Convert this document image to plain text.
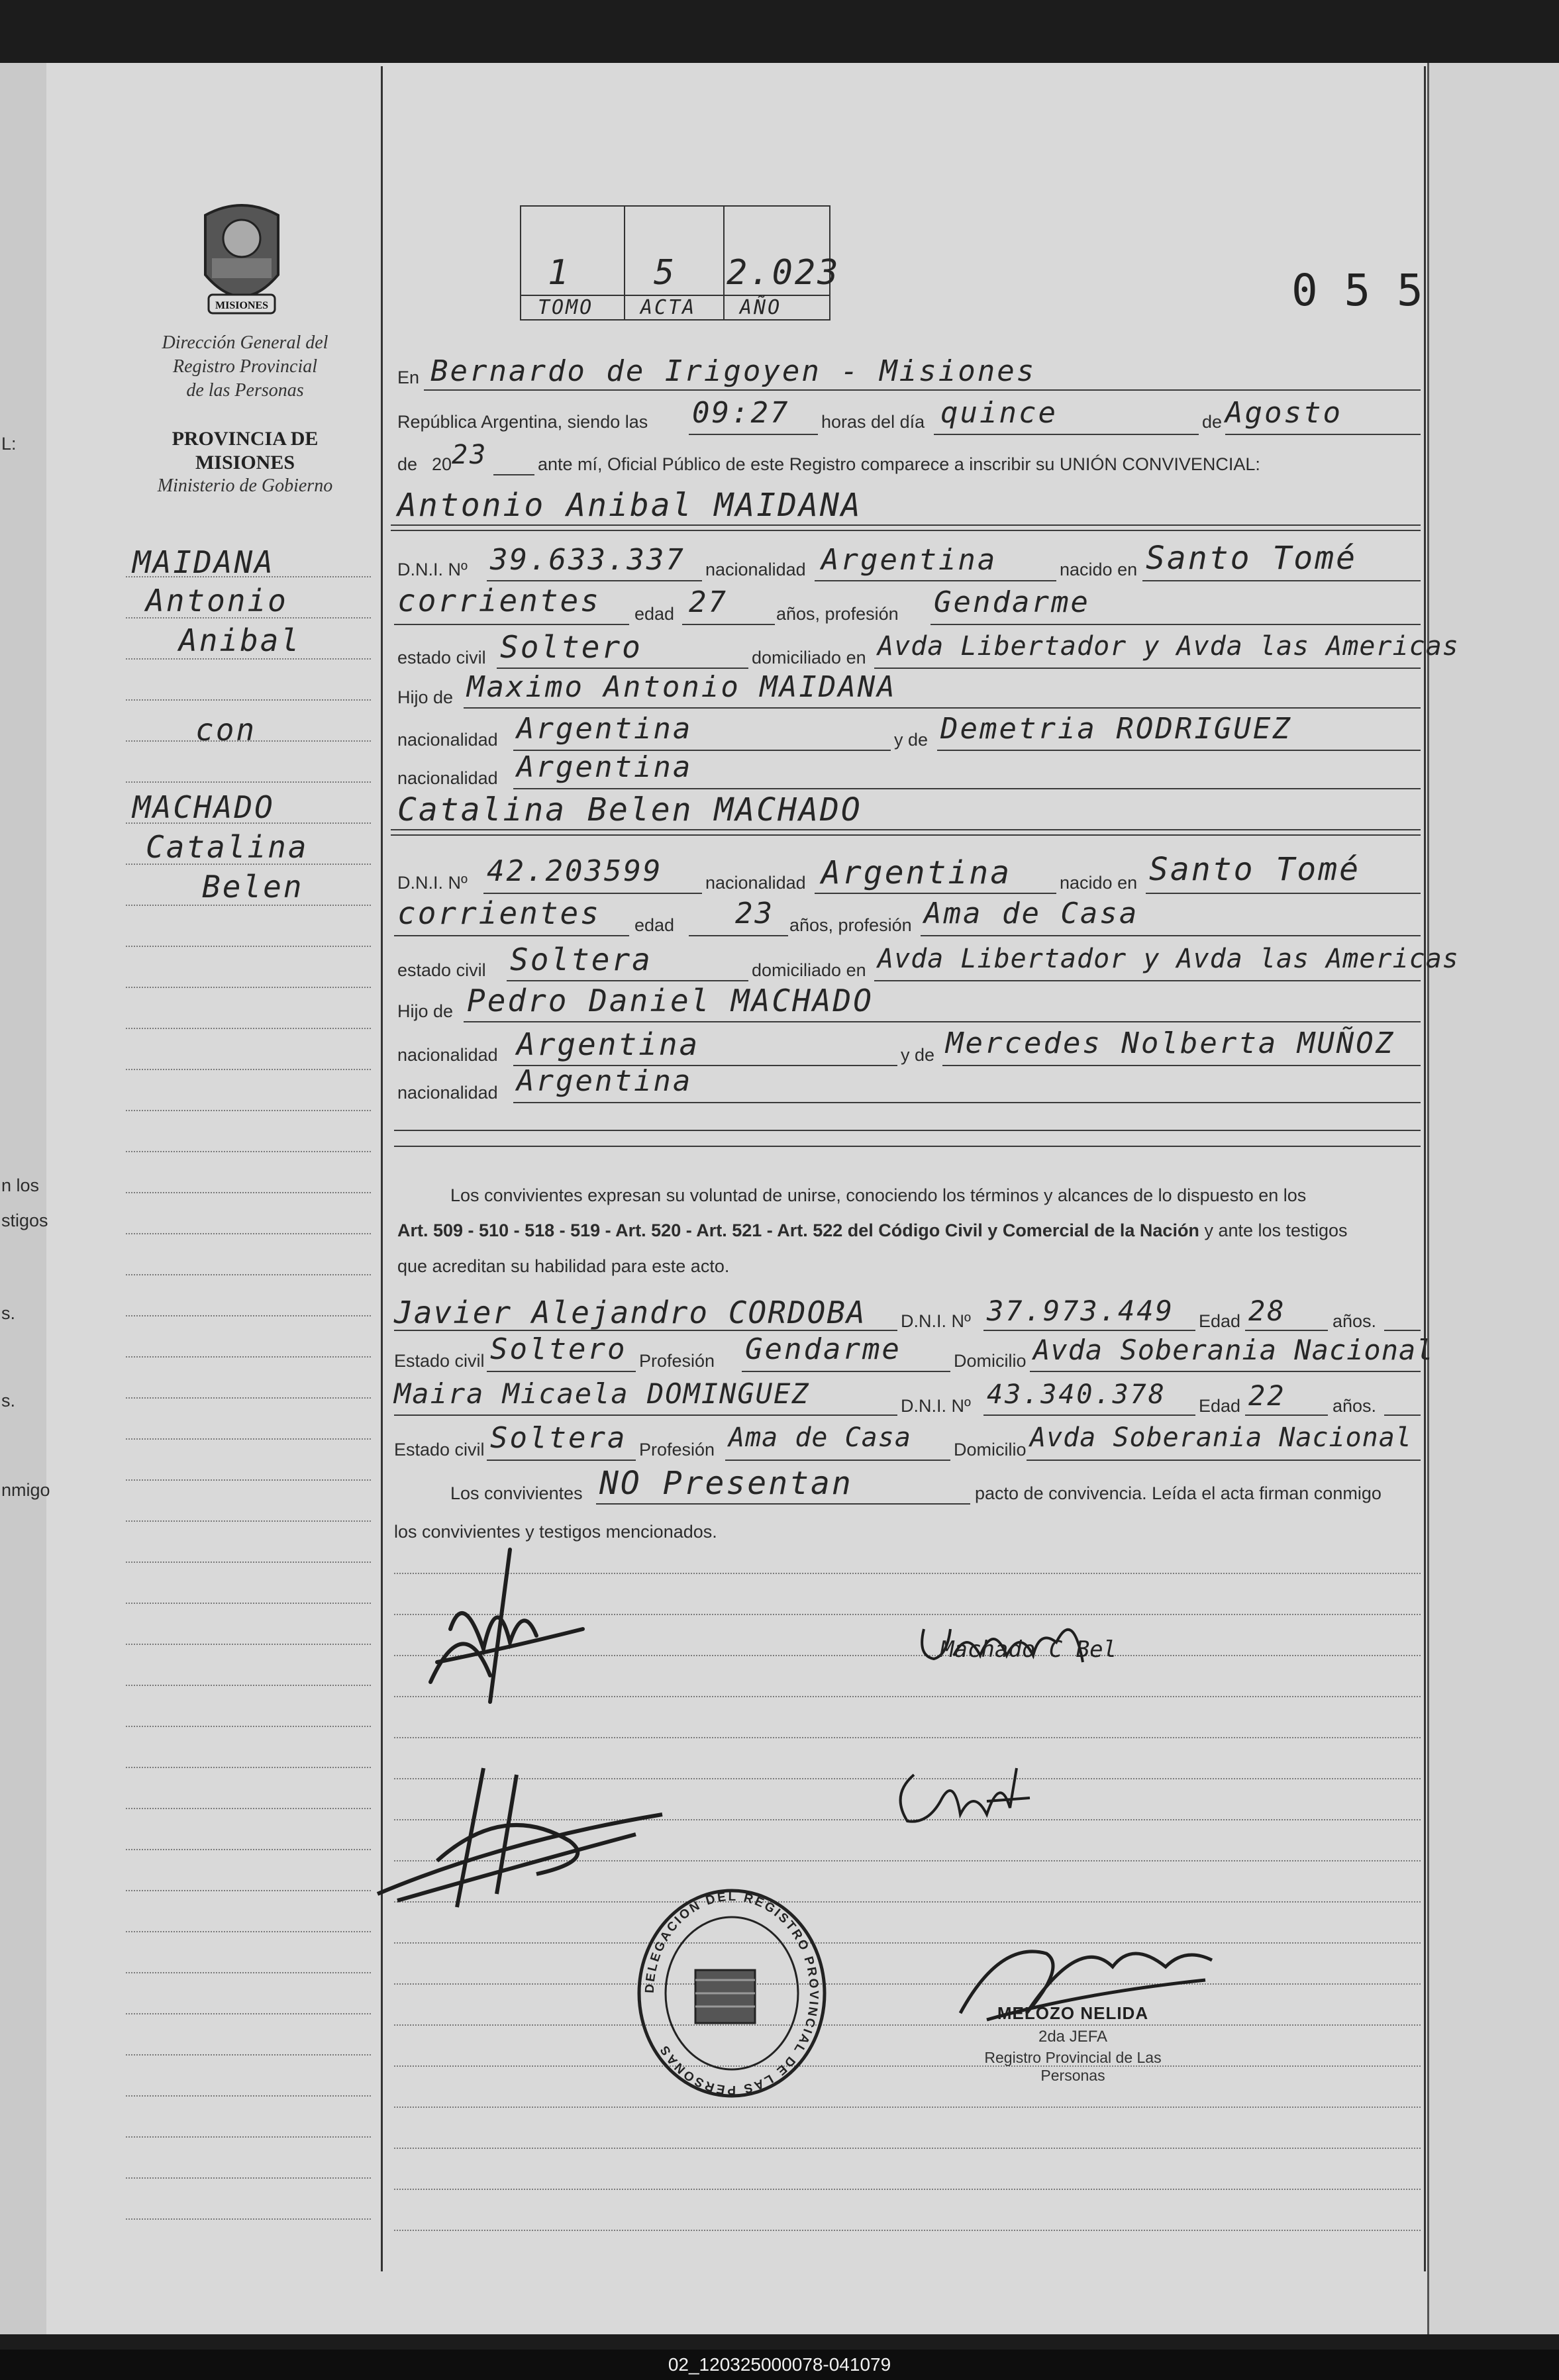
L:
n los
stigos
s.
s.
nmigo
MISIONES
Dirección General del
Registro Provincial
de las Personas
PROVINCIA DE
MISIONES
Ministerio de Gobierno
MAIDANA
Antonio
Anibal
con
MACHADO
Catalina
Belen
1 5 2.023
TOMO ACTA AÑO	0 5 5
En Bernardo de Irigoyen - Misiones
República Argentina, siendo las 09:27 horas del día quince	de Agosto
de 20 23	ante mí, Oficial Público de este Registro comparece a inscribir su UNIÓN CONVIVENCIAL:
Antonio Anibal MAIDANA
D.N.I. Nº 39.633.337 nacionalidad Argentina	nacido en Santo Tomé
corrientes edad 27	años, profesión Gendarme
estado civil Soltero	domiciliado en Avda Libertador y Avda las Americas
Hijo de Maximo Antonio MAIDANA
nacionalidad Argentina	y de Demetria RODRIGUEZ
nacionalidad Argentina
Catalina Belen MACHADO
D.N.I. Nº 42.203599 nacionalidad Argentina	nacido en Santo Tomé
corrientes edad 23 años, profesión Ama de Casa
estado civil Soltera	domiciliado en Avda Libertador y Avda las Americas
Hijo de Pedro Daniel MACHADO
nacionalidad Argentina	y de Mercedes Nolberta MUÑOZ
nacionalidad Argentina
Los convivientes expresan su voluntad de unirse, conociendo los términos y alcances de lo dispuesto en los
Art. 509 - 510 - 518 - 519 - Art. 520 - Art. 521 - Art. 522 del Código Civil y Comercial de la Nación y ante los testigos
que acreditan su habilidad para este acto.
Javier Alejandro CORDOBA D.N.I. Nº 37.973.449 Edad 28	años.
Estado civil Soltero Profesión Gendarme	Domicilio Avda Soberania Nacional
Maira Micaela DOMINGUEZ	D.N.I. Nº 43.340.378 Edad 22	años.
Estado civil Soltera Profesión Ama de Casa Domicilio Avda Soberania Nacional
Los convivientes NO Presentan	pacto de convivencia. Leída el acta firman conmigo
los convivientes y testigos mencionados.
Machado C Bel
DELEGACION DEL REGISTRO PROVINCIAL DE LAS PERSONAS
MELOZO NELIDA
2da JEFA
Registro Provincial de Las Personas
02_120325000078-041079
